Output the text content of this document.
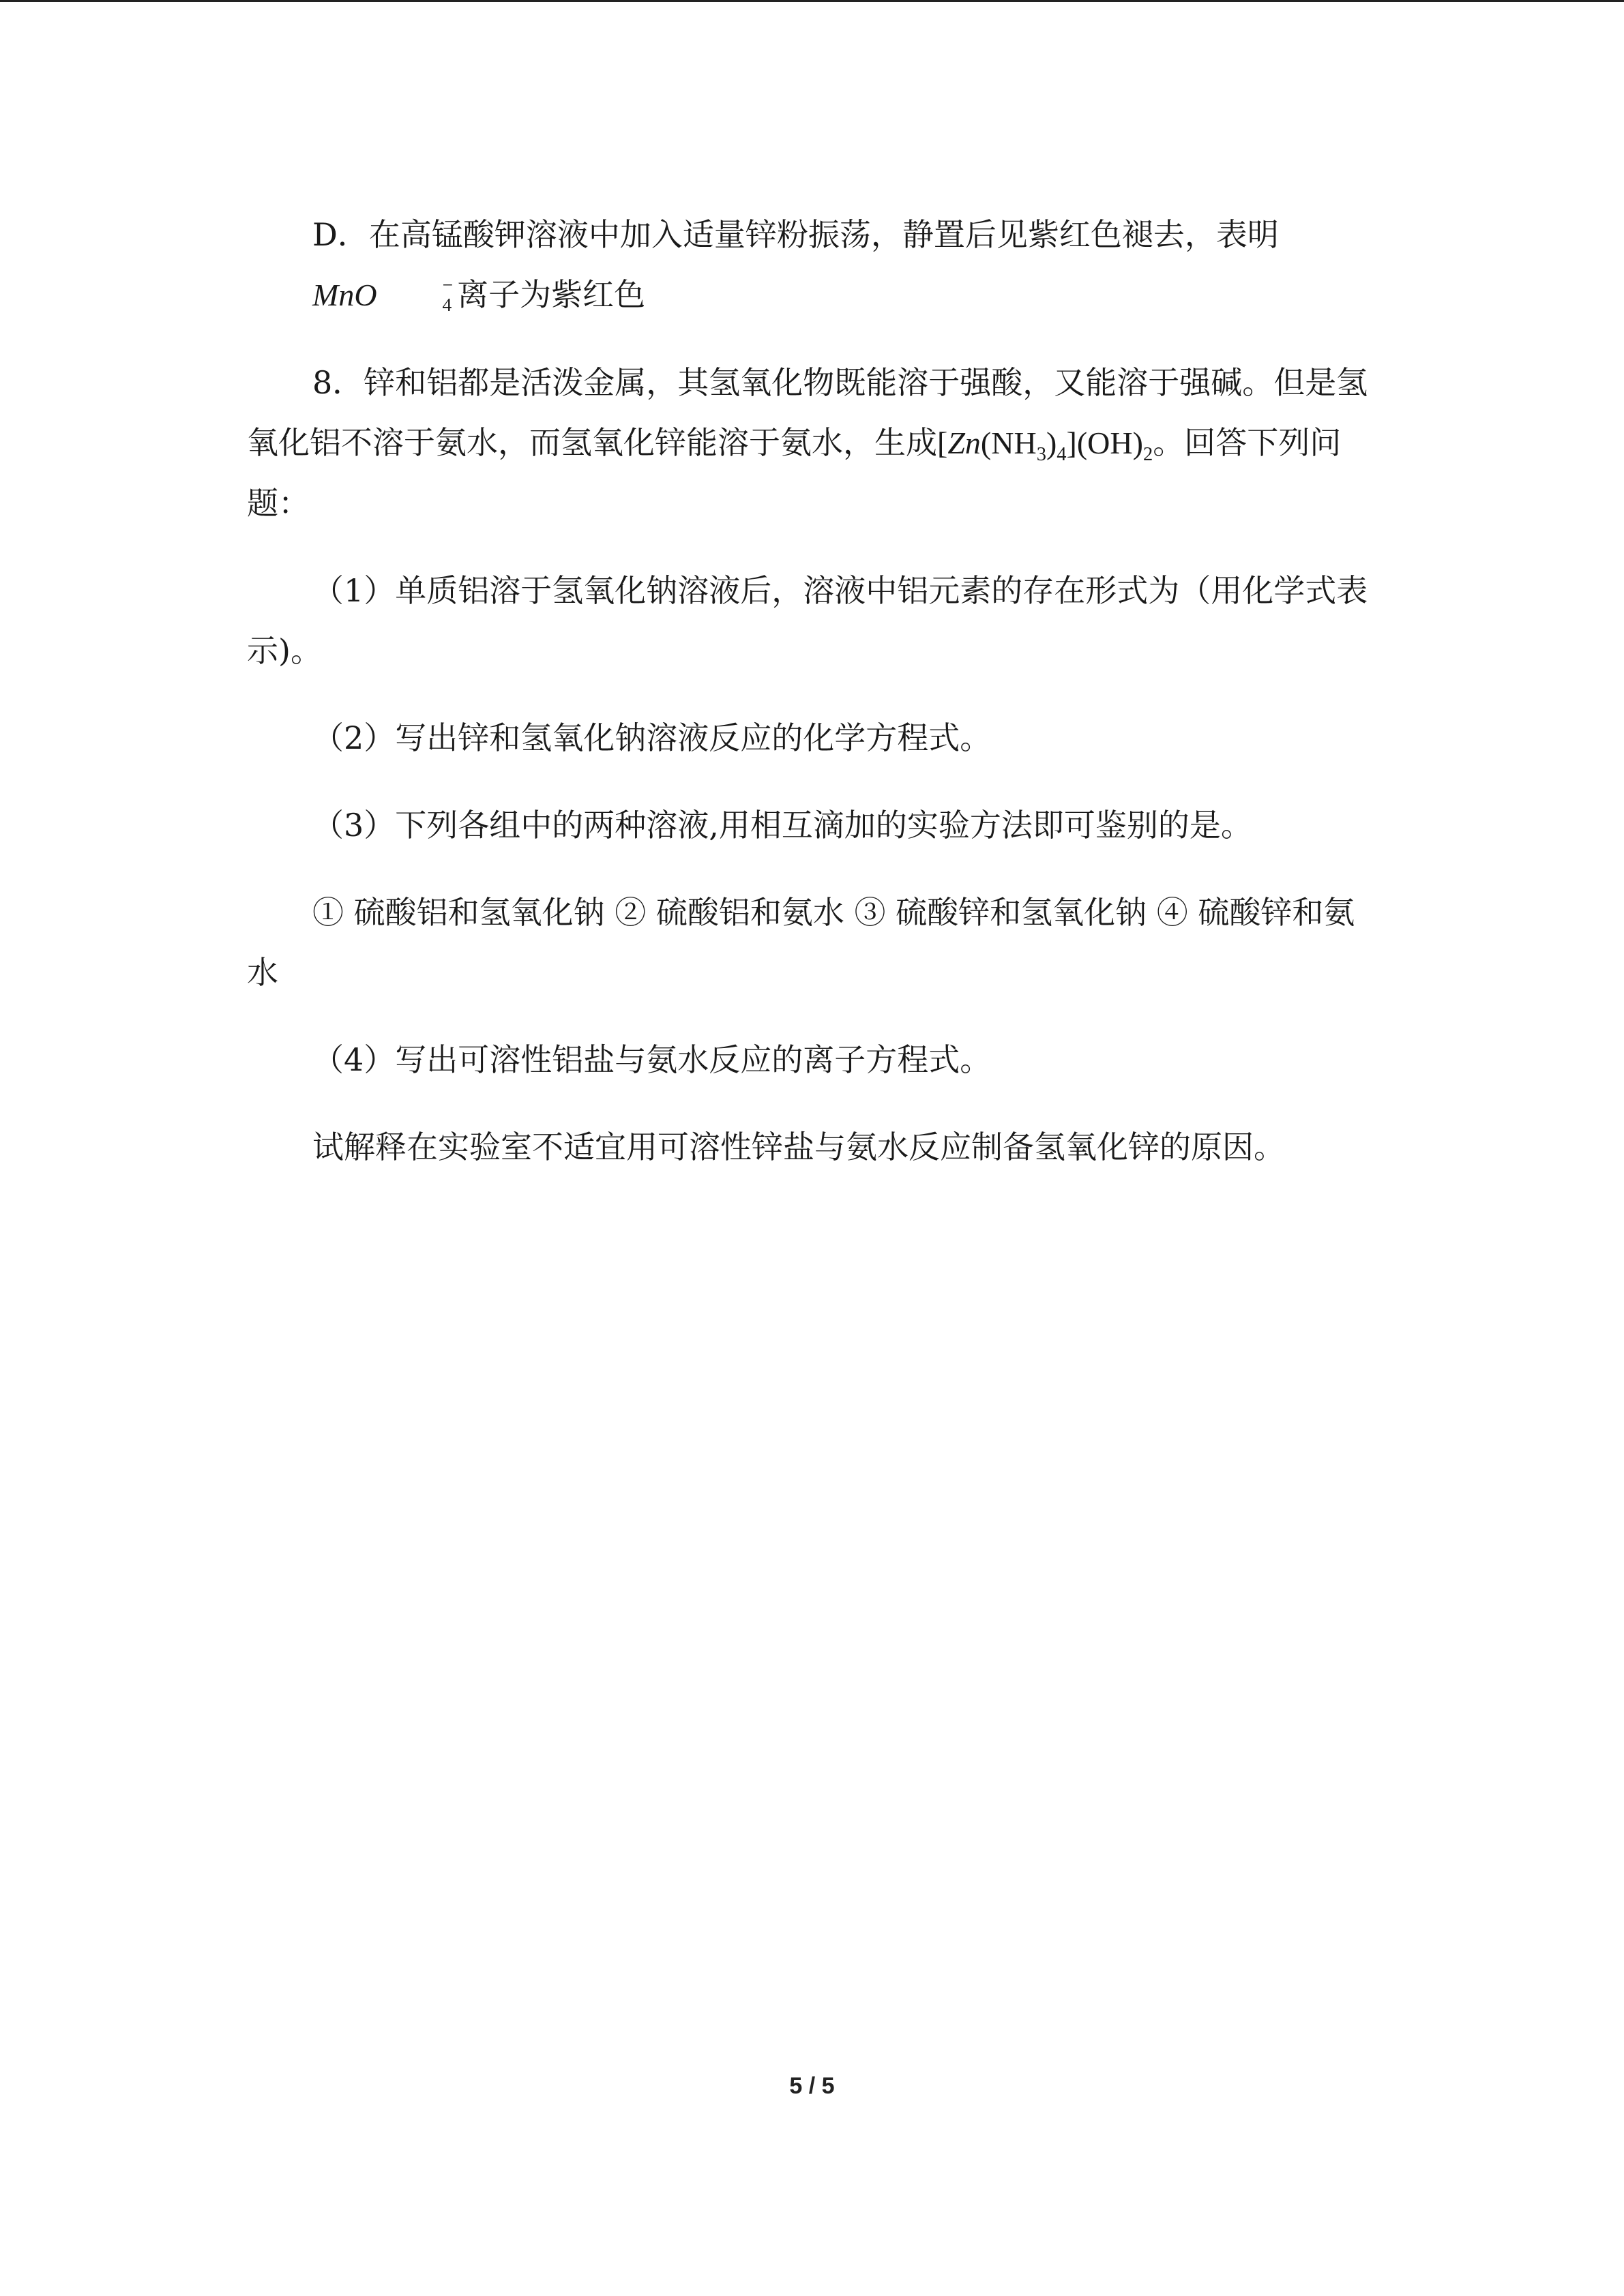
D．在高锰酸钾溶液中加入适量锌粉振荡，静置后见紫红色褪去，表明
MnO	−
4 离子为紫红色

8．锌和铝都是活泼金属，其氢氧化物既能溶于强酸，又能溶于强碱。但是氢氧化铝不溶于氨水，而氢氧化锌能溶于氨水，生成$[Zn(NH_3)_4](OH)_2$。回答下列问题：

（1）单质铝溶于氢氧化钠溶液后，溶液中铝元素的存在形式为（用化学式表示)。

（2）写出锌和氢氧化钠溶液反应的化学方程式。

（3）下列各组中的两种溶液,用相互滴加的实验方法即可鉴别的是。

① 硫酸铝和氢氧化钠 ② 硫酸铝和氨水 ③ 硫酸锌和氢氧化钠 ④ 硫酸锌和氨水

（4）写出可溶性铝盐与氨水反应的离子方程式。

试解释在实验室不适宜用可溶性锌盐与氨水反应制备氢氧化锌的原因。

5 / 5
